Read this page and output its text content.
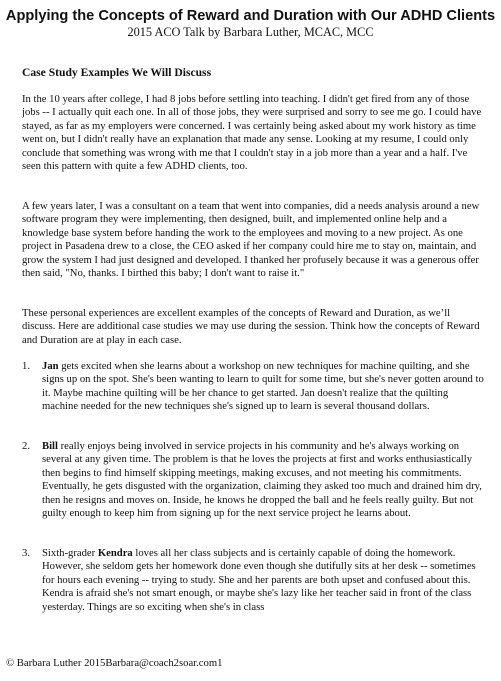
Applying the Concepts of Reward and Duration with Our ADHD Clients

2015 ACO Talk by Barbara Luther, MCAC, MCC

Case Study Examples We Will Discuss

In the 10 years after college, I had 8 jobs before settling into teaching. I didn't get fired from any of those jobs -- I actually quit each one. In all of those jobs, they were surprised and sorry to see me go. I could have stayed, as far as my employers were concerned. I was certainly being asked about my work history as time went on, but I didn't really have an explanation that made any sense. Looking at my resume, I could only conclude that something was wrong with me that I couldn't stay in a job more than a year and a half. I've seen this pattern with quite a few ADHD clients, too.

A few years later, I was a consultant on a team that went into companies, did a needs analysis around a new software program they were implementing, then designed, built, and implemented online help and a knowledge base system before handing the work to the employees and moving to a new project. As one project in Pasadena drew to a close, the CEO asked if her company could hire me to stay on, maintain, and grow the system I had just designed and developed. I thanked her profusely because it was a generous offer then said, "No, thanks. I birthed this baby; I don't want to raise it."

These personal experiences are excellent examples of the concepts of Reward and Duration, as we’ll discuss. Here are additional case studies we may use during the session. Think how the concepts of Reward and Duration are at play in each case.

1. Jan gets excited when she learns about a workshop on new techniques for machine quilting, and she signs up on the spot. She's been wanting to learn to quilt for some time, but she's never gotten around to it. Maybe machine quilting will be her chance to get started. Jan doesn't realize that the quilting machine needed for the new techniques she's signed up to learn is several thousand dollars.

2. Bill really enjoys being involved in service projects in his community and he's always working on several at any given time. The problem is that he loves the projects at first and works enthusiastically then begins to find himself skipping meetings, making excuses, and not meeting his commitments. Eventually, he gets disgusted with the organization, claiming they asked too much and drained him dry, then he resigns and moves on. Inside, he knows he dropped the ball and he feels really guilty. But not guilty enough to keep him from signing up for the next service project he learns about.

3. Sixth-grader Kendra loves all her class subjects and is certainly capable of doing the homework. However, she seldom gets her homework done even though she dutifully sits at her desk -- sometimes for hours each evening -- trying to study. She and her parents are both upset and confused about this. Kendra is afraid she's not smart enough, or maybe she's lazy like her teacher said in front of the class yesterday. Things are so exciting when she's in class

© Barbara Luther 2015Barbara@coach2soar.com1
